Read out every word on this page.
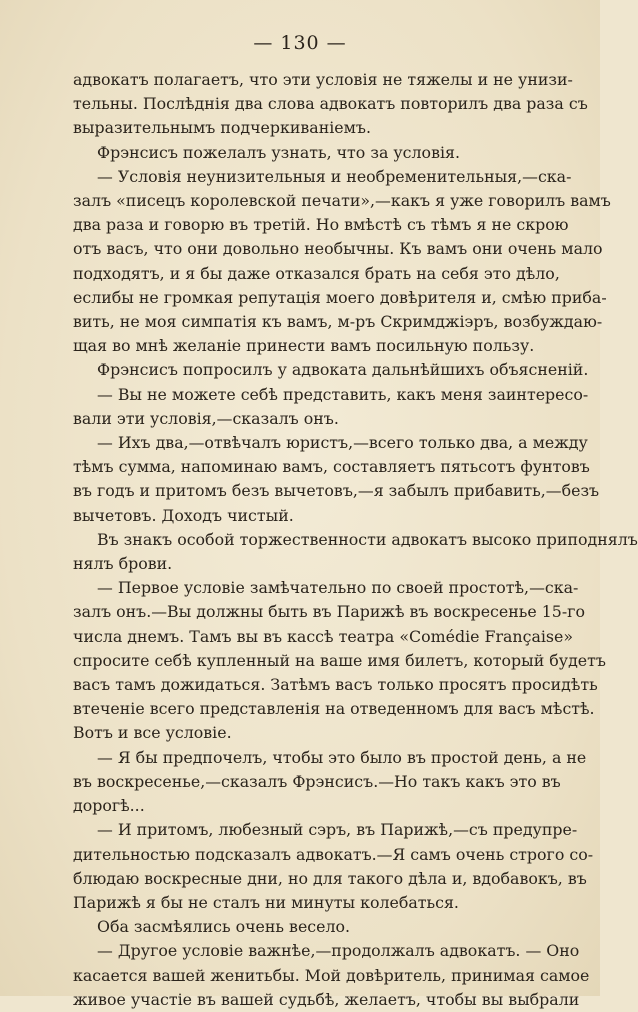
— 130 —
адвокатъ полагаетъ, что эти условія не тяжелы и не унизи-
тельны. Послѣднія два слова адвокатъ повторилъ два раза съ
выразительнымъ подчеркиваніемъ.
Фрэнсисъ пожелалъ узнать, что за условія.
— Условія неунизительныя и необременительныя,—ска-
залъ «писецъ королевской печати»,—какъ я уже говорилъ вамъ
два раза и говорю въ третій. Но вмѣстѣ съ тѣмъ я не скрою
отъ васъ, что они довольно необычны. Къ вамъ они очень мало
подходятъ, и я бы даже отказался брать на себя это дѣло,
еслибы не громкая репутація моего довѣрителя и, смѣю приба-
вить, не моя симпатія къ вамъ, м-ръ Скримджіэръ, возбуждаю-
щая во мнѣ желаніе принести вамъ посильную пользу.
Фрэнсисъ попросилъ у адвоката дальнѣйшихъ объясненій.
— Вы не можете себѣ представить, какъ меня заинтересо-
вали эти условія,—сказалъ онъ.
— Ихъ два,—отвѣчалъ юристъ,—всего только два, а между
тѣмъ сумма, напоминаю вамъ, составляетъ пятьсотъ фунтовъ
въ годъ и притомъ безъ вычетовъ,—я забылъ прибавить,—безъ
вычетовъ. Доходъ чистый.
Въ знакъ особой торжественности адвокатъ высоко приподнялъ
нялъ брови.
— Первое условіе замѣчательно по своей простотѣ,—ска-
залъ онъ.—Вы должны быть въ Парижѣ въ воскресенье 15-го
числа днемъ. Тамъ вы въ кассѣ театра «Comédie Française»
спросите себѣ купленный на ваше имя билетъ, который будетъ
васъ тамъ дожидаться. Затѣмъ васъ только просятъ просидѣть
втеченіе всего представленія на отведенномъ для васъ мѣстѣ.
Вотъ и все условіе.
— Я бы предпочелъ, чтобы это было въ простой день, а не
въ воскресенье,—сказалъ Фрэнсисъ.—Но такъ какъ это въ
дорогѣ...
— И притомъ, любезный сэръ, въ Парижѣ,—съ предупре-
дительностью подсказалъ адвокатъ.—Я самъ очень строго со-
блюдаю воскресные дни, но для такого дѣла и, вдобавокъ, въ
Парижѣ я бы не сталъ ни минуты колебаться.
Оба засмѣялись очень весело.
— Другое условіе важнѣе,—продолжалъ адвокатъ. — Оно
касается вашей женитьбы. Мой довѣритель, принимая самое
живое участіе въ вашей судьбѣ, желаетъ, чтобы вы выбрали
